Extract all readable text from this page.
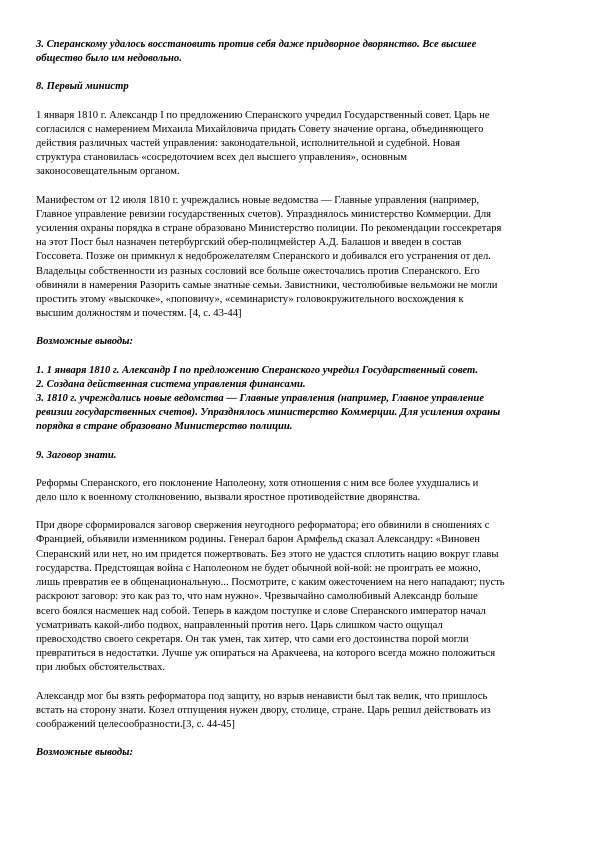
3. Сперанскому удалось восстановить против себя даже придворное дворянство. Все высшее
общество было им недовольно.

8. Первый министр

1 января 1810 г. Александр I по предложению Сперанского учредил Государственный совет. Царь не
согласился с намерением Михаила Михайловича придать Совету значение органа, объединяющего
действия различных частей управления: законодательной, исполнительной и судебной. Новая
структура становилась «сосредоточием всех дел высшего управления», основным
законосовещательным органом.

Манифестом от 12 июля 1810 г. учреждались новые ведомства — Главные управления (например,
Главное управление ревизии государственных счетов). Упразднялось министерство Коммерции. Для
усиления охраны порядка в стране образовано Министерство полиции. По рекомендации госсекретаря
на этот Пост был назначен петербургский обер-полицмейстер А.Д. Балашов и введен в состав
Госсовета. Позже он примкнул к недоброжелателям Сперанского и добивался его устранения от дел.
Владельцы собственности из разных сословий все больше ожесточались против Сперанского. Его
обвиняли в намерения Разорить самые знатные семьи. Завистники, честолюбивые вельможи не могли
простить этому «выскочке», «поповичу», «семинаристу» головокружительного восхождения к
высшим должностям и почестям. [4, с. 43-44]

Возможные выводы:

1. 1 января 1810 г. Александр I по предложению Сперанского учредил Государственный совет.
2. Создана действенная система управления финансами.
3. 1810 г. учреждались новые ведомства — Главные управления (например, Главное управление
ревизии государственных счетов). Упразднялось министерство Коммерции. Для усиления охраны
порядка в стране образовано Министерство полиции.

9. Заговор знати.

Реформы Сперанского, его поклонение Наполеону, хотя отношения с ним все более ухудшались и
дело шло к военному столкновению, вызвали яростное противодействие дворянства.

При дворе сформировался заговор свержения неугодного реформатора; его обвинили в сношениях с
Францией, объявили изменником родины. Генерал барон Армфельд сказал Александру: «Виновен
Сперанский или нет, но им придется пожертвовать. Без этого не удастся сплотить нацию вокруг главы
государства. Предстоящая война с Наполеоном не будет обычной вой-вой: не проиграть ее можно,
лишь превратив ее в общенациональную... Посмотрите, с каким ожесточением на него нападают; пусть
раскроют заговор: это как раз то, что нам нужно». Чрезвычайно самолюбивый Александр больше
всего боялся насмешек над собой. Теперь в каждом поступке и слове Сперанского император начал
усматривать какой-либо подвох, направленный против него. Царь слишком часто ощущал
превосходство своего секретаря. Он так умен, так хитер, что сами его достоинства порой могли
превратиться в недостатки. Лучше уж опираться на Аракчеева, на которого всегда можно положиться
при любых обстоятельствах.

Александр мог бы взять реформатора под защиту, но взрыв ненависти был так велик, что пришлось
встать на сторону знати. Козел отпущения нужен двору, столице, стране. Царь решил действовать из
соображений целесообразности.[3, с. 44-45]

Возможные выводы:
